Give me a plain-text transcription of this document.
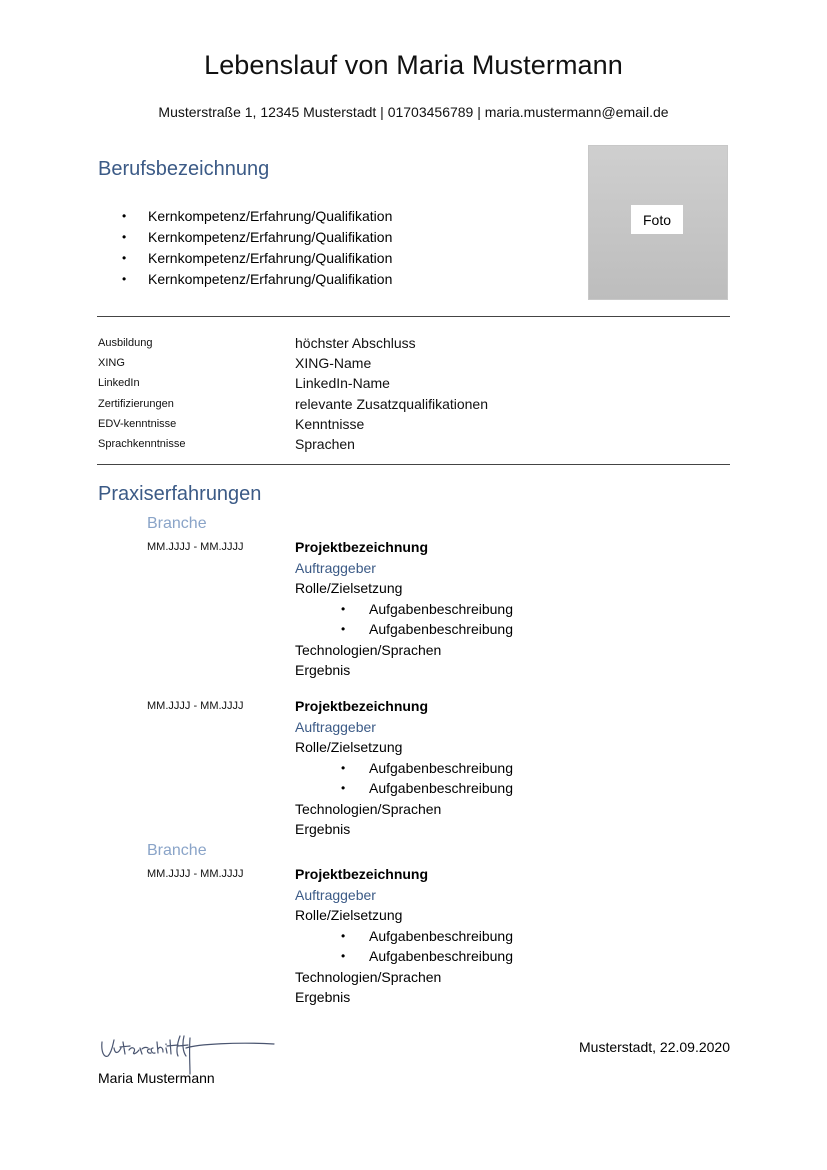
Lebenslauf von Maria Mustermann
Musterstraße 1, 12345 Musterstadt | 01703456789 | maria.mustermann@email.de
Berufsbezeichnung
•	Kernkompetenz/Erfahrung/Qualifikation
•	Kernkompetenz/Erfahrung/Qualifikation
•	Kernkompetenz/Erfahrung/Qualifikation
•	Kernkompetenz/Erfahrung/Qualifikation
Foto
Ausbildung	höchster Abschluss
XING	XING-Name
LinkedIn	LinkedIn-Name
Zertifizierungen	relevante Zusatzqualifikationen
EDV-kenntnisse	Kenntnisse
Sprachkenntnisse	Sprachen
Praxiserfahrungen
Branche
MM.JJJJ - MM.JJJJ	Projektbezeichnung
Auftraggeber
Rolle/Zielsetzung
•	Aufgabenbeschreibung
•	Aufgabenbeschreibung
Technologien/Sprachen
Ergebnis
MM.JJJJ - MM.JJJJ	Projektbezeichnung
Auftraggeber
Rolle/Zielsetzung
•	Aufgabenbeschreibung
•	Aufgabenbeschreibung
Technologien/Sprachen
Ergebnis
Branche
MM.JJJJ - MM.JJJJ	Projektbezeichnung
Auftraggeber
Rolle/Zielsetzung
•	Aufgabenbeschreibung
•	Aufgabenbeschreibung
Technologien/Sprachen
Ergebnis
Maria Mustermann
Musterstadt, 22.09.2020
